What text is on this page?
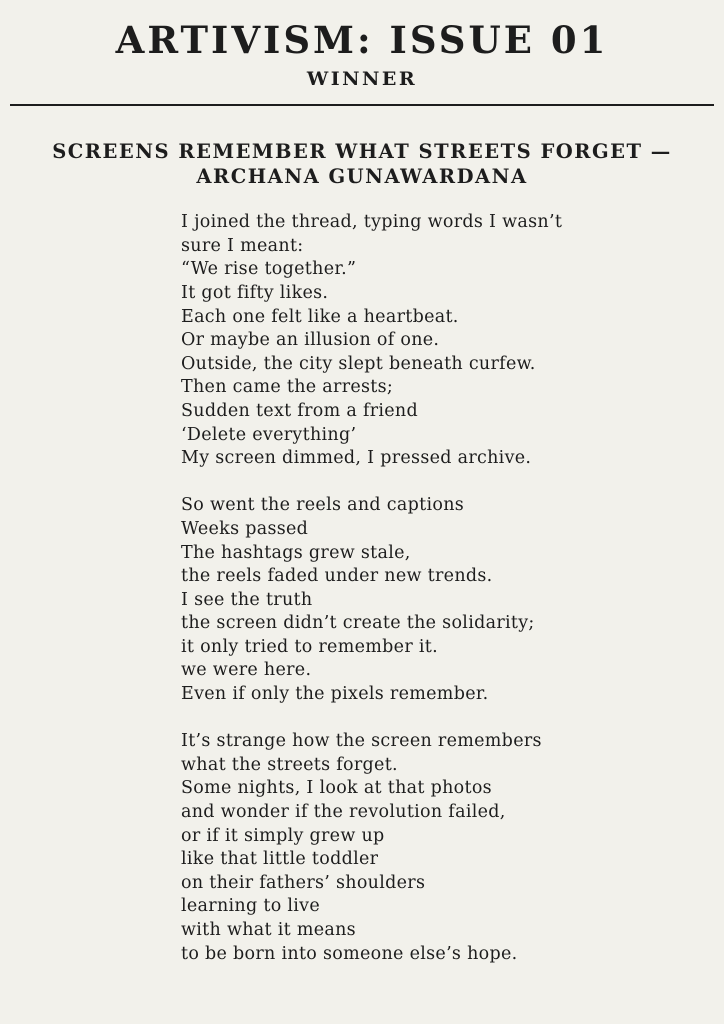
ARTIVISM: ISSUE 01
WINNER
SCREENS REMEMBER WHAT STREETS FORGET —
ARCHANA GUNAWARDANA

I joined the thread, typing words I wasn’t

sure I meant:

“We rise together.”

It got fifty likes.

Each one felt like a heartbeat.

Or maybe an illusion of one.

Outside, the city slept beneath curfew.

Then came the arrests;

Sudden text from a friend

‘Delete everything’

My screen dimmed, I pressed archive.

So went the reels and captions

Weeks passed

The hashtags grew stale,

the reels faded under new trends.

I see the truth

the screen didn’t create the solidarity;

it only tried to remember it.

we were here.

Even if only the pixels remember.

It’s strange how the screen remembers

what the streets forget.

Some nights, I look at that photos

and wonder if the revolution failed,

or if it simply grew up

like that little toddler

on their fathers’ shoulders

learning to live

with what it means

to be born into someone else’s hope.
